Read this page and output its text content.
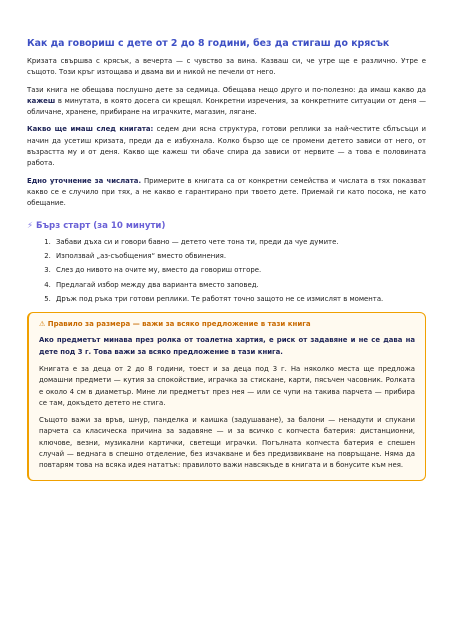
Как да говориш с дете от 2 до 8 години, без да стигаш до крясък

Кризата свършва с крясък, а вечерта — с чувство за вина. Казваш си, че утре ще е различно. Утре е същото. Този кръг изтощава и двама ви и никой не печели от него.

Тази книга не обещава послушно дете за седмица. Обещава нещо друго и по-полезно: да имаш какво да кажеш в минутата, в която досега си крещял. Конкретни изречения, за конкретните ситуации от деня — обличане, хранене, прибиране на играчките, магазин, лягане.

Какво ще имаш след книгата: седем дни ясна структура, готови реплики за най-честите сблъсъци и начин да усетиш кризата, преди да е избухнала. Колко бързо ще се промени детето зависи от него, от възрастта му и от деня. Какво ще кажеш ти обаче спира да зависи от нервите — а това е половината работа.

Едно уточнение за числата. Примерите в книгата са от конкретни семейства и числата в тях показват какво се е случило при тях, а не какво е гарантирано при твоето дете. Приемай ги като посока, не като обещание.

⚡ Бърз старт (за 10 минути)
1. Забави дъха си и говори бавно — детето чете тона ти, преди да чуе думите.
2. Използвай „аз-съобщения“ вместо обвинения.
3. Слез до нивото на очите му, вместо да говориш отгоре.
4. Предлагай избор между два варианта вместо заповед.
5. Дръж под ръка три готови реплики. Те работят точно защото не се измислят в момента.
⚠ Правило за размера — важи за всяко предложение в тази книга

Ако предметът минава през ролка от тоалетна хартия, е риск от задавяне и не се дава на дете под 3 г. Това важи за всяко предложение в тази книга.

Книгата е за деца от 2 до 8 години, тоест и за деца под 3 г. На няколко места ще предложа домашни предмети — кутия за спокойствие, играчка за стискане, карти, пясъчен часовник. Ролката е около 4 см в диаметър. Мине ли предметът през нея — или се чупи на такива парчета — прибира се там, докъдето детето не стига.

Същото важи за връв, шнур, панделка и каишка (задушаване), за балони — ненадути и спукани парчета са класическа причина за задавяне — и за всичко с копчеста батерия: дистанционни, ключове, везни, музикални картички, светещи играчки. Погълната копчеста батерия е спешен случай — веднага в спешно отделение, без изчакване и без предизвикване на повръщане. Няма да повтарям това на всяка идея нататък: правилото важи навсякъде в книгата и в бонусите към нея.
